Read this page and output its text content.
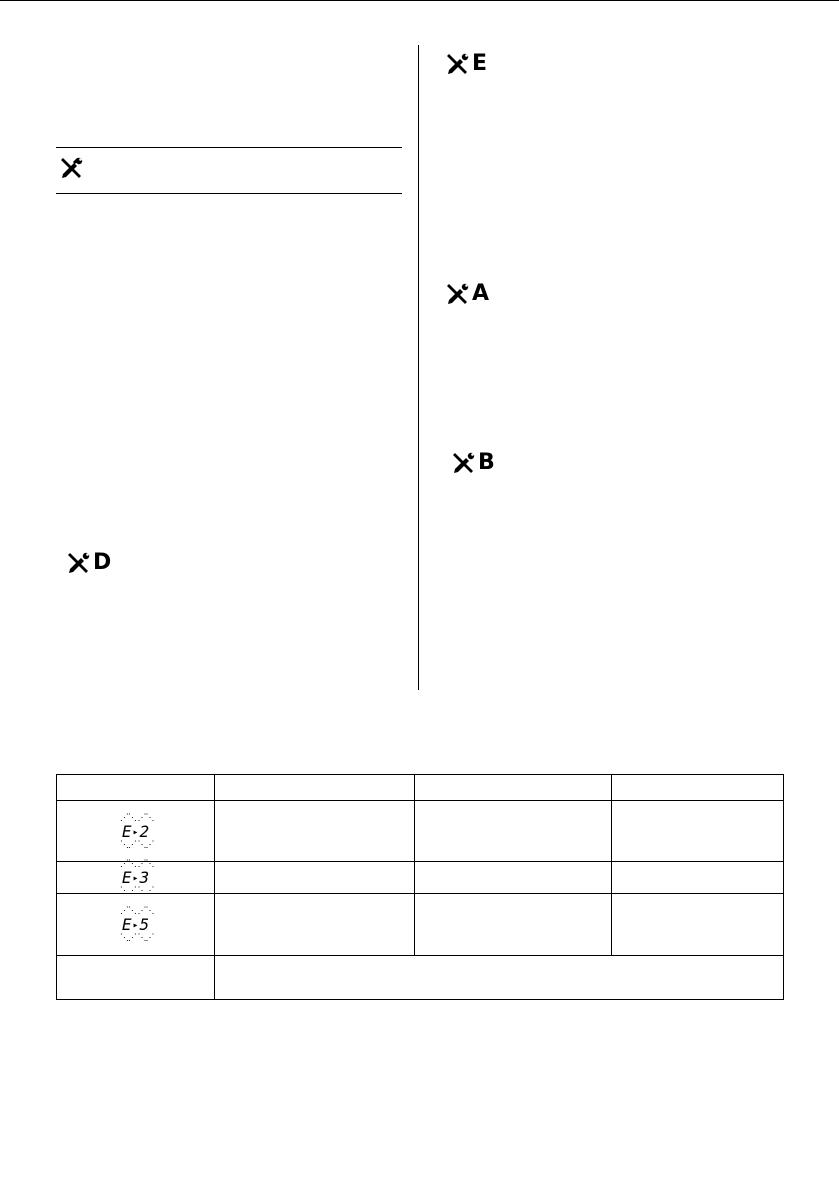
D
E
A
B

⋰⋱ E ⋱⋰▸⋰⋱ 2 ⋱⋰			
⋰⋱ E ⋱⋰▸⋰⋱ 3 ⋱⋰			
⋰⋱ E ⋱⋰▸⋰⋱ 5 ⋱⋰			
